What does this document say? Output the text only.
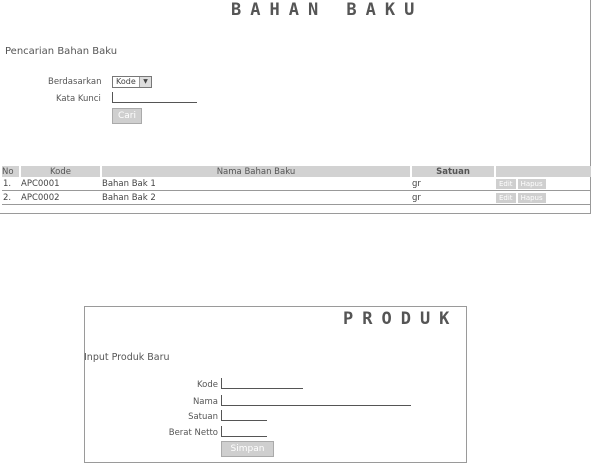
BAHAN BAKU
Pencarian Bahan Baku
Berdasarkan Kode	▼
Kata Kunci
Cari
No	Kode	Nama Bahan Baku	Satuan	
1.	APC0001	Bahan Bak 1	gr	Edit Hapus
2.	APC0002	Bahan Bak 2	gr	Edit Hapus
PRODUK
Input Produk Baru
Kode
Nama
Satuan
Berat Netto
Simpan
